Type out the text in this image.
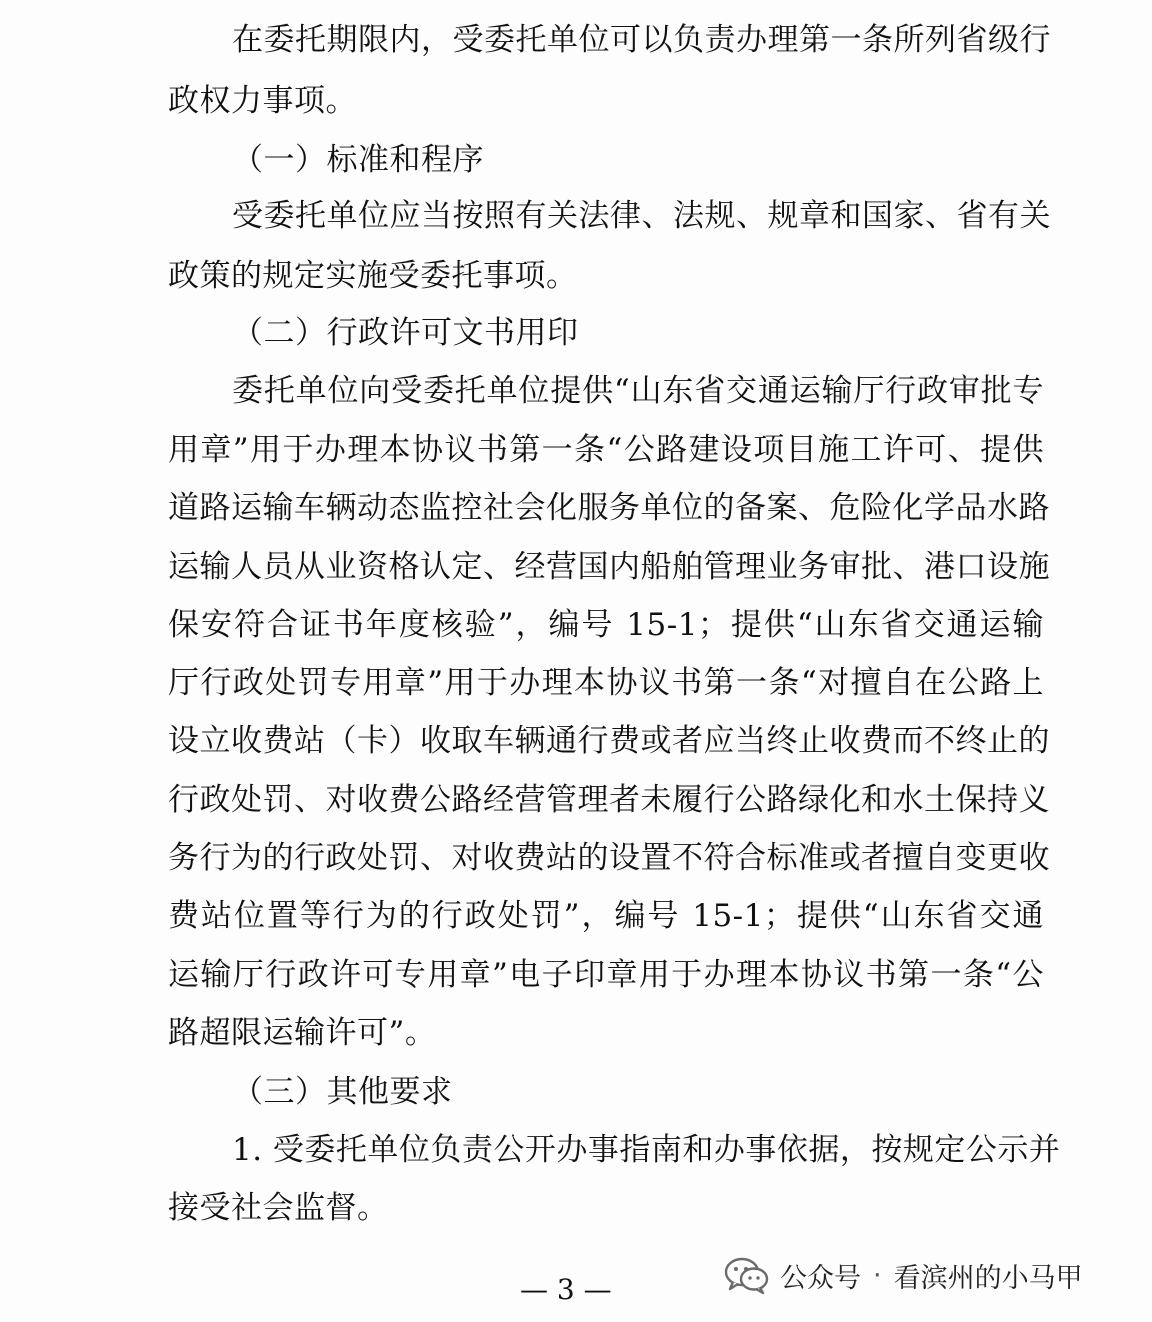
在委托期限内，受委托单位可以负责办理第一条所列省级行
政权力事项。
（一）标准和程序
受委托单位应当按照有关法律、法规、规章和国家、省有关
政策的规定实施受委托事项。
（二）行政许可文书用印
委托单位向受委托单位提供“山东省交通运输厅行政审批专
用章”用于办理本协议书第一条“公路建设项目施工许可、提供
道路运输车辆动态监控社会化服务单位的备案、危险化学品水路
运输人员从业资格认定、经营国内船舶管理业务审批、港口设施
保安符合证书年度核验”，编号 15-1；提供“山东省交通运输
厅行政处罚专用章”用于办理本协议书第一条“对擅自在公路上
设立收费站（卡）收取车辆通行费或者应当终止收费而不终止的
行政处罚、对收费公路经营管理者未履行公路绿化和水土保持义
务行为的行政处罚、对收费站的设置不符合标准或者擅自变更收
费站位置等行为的行政处罚”，编号 15-1；提供“山东省交通
运输厅行政许可专用章”电子印章用于办理本协议书第一条“公
路超限运输许可”。
（三）其他要求
1. 受委托单位负责公开办事指南和办事依据，按规定公示并
接受社会监督。
— 3 —	公众号 · 看滨州的小马甲
